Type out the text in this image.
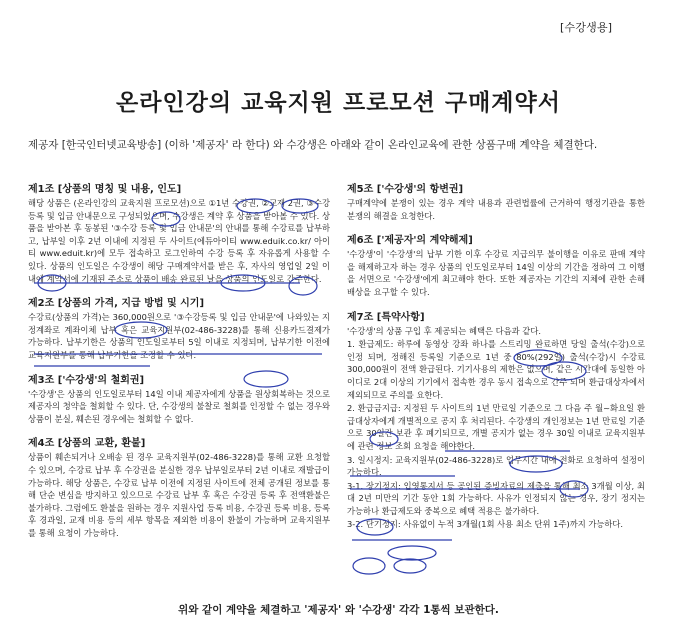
[수강생용]
온라인강의 교육지원 프로모션 구매계약서
제공자 [한국인터넷교육방송] (이하 '제공자' 라 한다) 와 수강생은 아래와 같이 온라인교육에 관한 상품구매 계약을 체결한다.
제1조 [상품의 명칭 및 내용, 인도]

해당 상품은 (온라인강의 교육지원 프로모션)으로 ①1년 수강권, ②교재 2권, ③수강 등록 및 입금 안내문으로 구성되었으며, 수강생은 계약 후 상품을 받아볼 수 있다. 상품을 받아본 후 동봉된 '③수강 등록 및 입금 안내문'의 안내를 통해 수강료를 납부하고, 납부일 이후 2년 이내에 지정된 두 사이트(에듀아이티 www.eduik.co.kr/ 아이티 www.eduit.kr)에 모두 접속하고 로그인하여 수강 등록 후 자유롭게 사용할 수 있다. 상품의 인도일은 수강생이 해당 구매계약서를 받은 후, 자사의 영업일 2일 이내에 계약서에 기재된 주소로 상품이 배송 완료된 날을 상품의 인도일로 간주한다.

제2조 [상품의 가격, 지급 방법 및 시기]

수강료(상품의 가격)는 360,000원으로 '③수강등록 및 입금 안내문'에 나와있는 지정계좌로 계좌이체 납부 혹은 교육지원부(02-486-3228)를 통해 신용카드결제가 가능하다. 납부기한은 상품의 인도일로부터 5일 이내로 지정되며, 납부기한 이전에 교육지원부를 통해 납부기한을 조정할 수 있다.

제3조 ['수강생'의 철회권]

'수강생'은 상품의 인도일로부터 14일 이내 제공자에게 상품을 원상회복하는 것으로 제공자의 청약을 철회할 수 있다. 단, 수강생의 불찰로 철회를 인정할 수 없는 경우와 상품이 분실, 훼손된 경우에는 철회할 수 없다.

제4조 [상품의 교환, 환불]

상품이 훼손되거나 오배송 된 경우 교육지원부(02-486-3228)를 통해 교환 요청할 수 있으며, 수강료 납부 후 수강권을 분실한 경우 납부일로부터 2년 이내로 재발급이 가능하다. 해당 상품은, 수강료 납부 이전에 지정된 사이트에 전체 공개된 정보를 통해 단순 변심을 방지하고 있으므로 수강료 납부 후 혹은 수강권 등록 후 전액환불은 불가하다. 그럼에도 환불을 원하는 경우 지원사업 등록 비용, 수강권 등록 비용, 등록 후 경과일, 교재 비용 등의 세부 항목을 제외한 비용이 환불이 가능하며 교육지원부를 통해 요청이 가능하다.

제5조 ['수강생'의 항변권]

구매계약에 분쟁이 있는 경우 계약 내용과 관련법률에 근거하여 행정기관을 통한 분쟁의 해결을 요청한다.

제6조 ['제공자'의 계약해제]

'수강생'이 '수강생'의 납부 기한 이후 수강료 지급의무 불이행을 이유로 판매 계약을 해제하고자 하는 경우 상품의 인도일로부터 14일 이상의 기간을 정하여 그 이행을 서면으로 '수강생'에게 최고해야 한다. 또한 제공자는 기간의 지체에 관한 손해배상을 요구할 수 있다.

제7조 [특약사항]

'수강생'의 상품 구입 후 제공되는 혜택은 다음과 같다.

1. 환급제도: 하루에 동영상 강좌 하나를 스트리밍 완료하면 당일 출석(수강)으로 인정 되며, 정해진 등록일 기준으로 1년 중 80%(292일) 출석(수강)시 수강료 300,000원이 전액 환급된다. 기기사용의 제한은 없으며, 같은 시간대에 동일한 아이디로 2대 이상의 기기에서 접속한 경우 동시 접속으로 간주 되며 환급대상자에서 제외되므로 주의를 요한다.

2. 환급금지급: 지정된 두 사이트의 1년 만료일 기준으로 그 다음 주 월~화요일 환급대상자에게 개별적으로 공지 후 처리된다. 수강생의 개인정보는 1년 만료일 기준으로 30일간 보관 후 폐기되므로, 개별 공지가 없는 경우 30일 이내로 교육지원부에 관련 정보 조회 요청을 해야한다.

3. 일시정지: 교육지원부(02-486-3228)로 업무시간 내에 전화로 요청하여 설정이 가능하다.

3-1. 장기정지: 입영통지서 등 공인된 증빙자료의 제출을 통해 최소 3개월 이상, 최대 2년 미만의 기간 동안 1회 가능하다. 사유가 인정되지 않는 경우, 장기 정지는 가능하나 환급제도와 중복으로 혜택 적용은 불가하다.

3-2. 단기정지: 사유없이 누적 3개월(1회 사용 최소 단위 1주)까지 가능하다.

위와 같이 계약을 체결하고 '제공자' 와 '수강생' 각각 1통씩 보관한다.
